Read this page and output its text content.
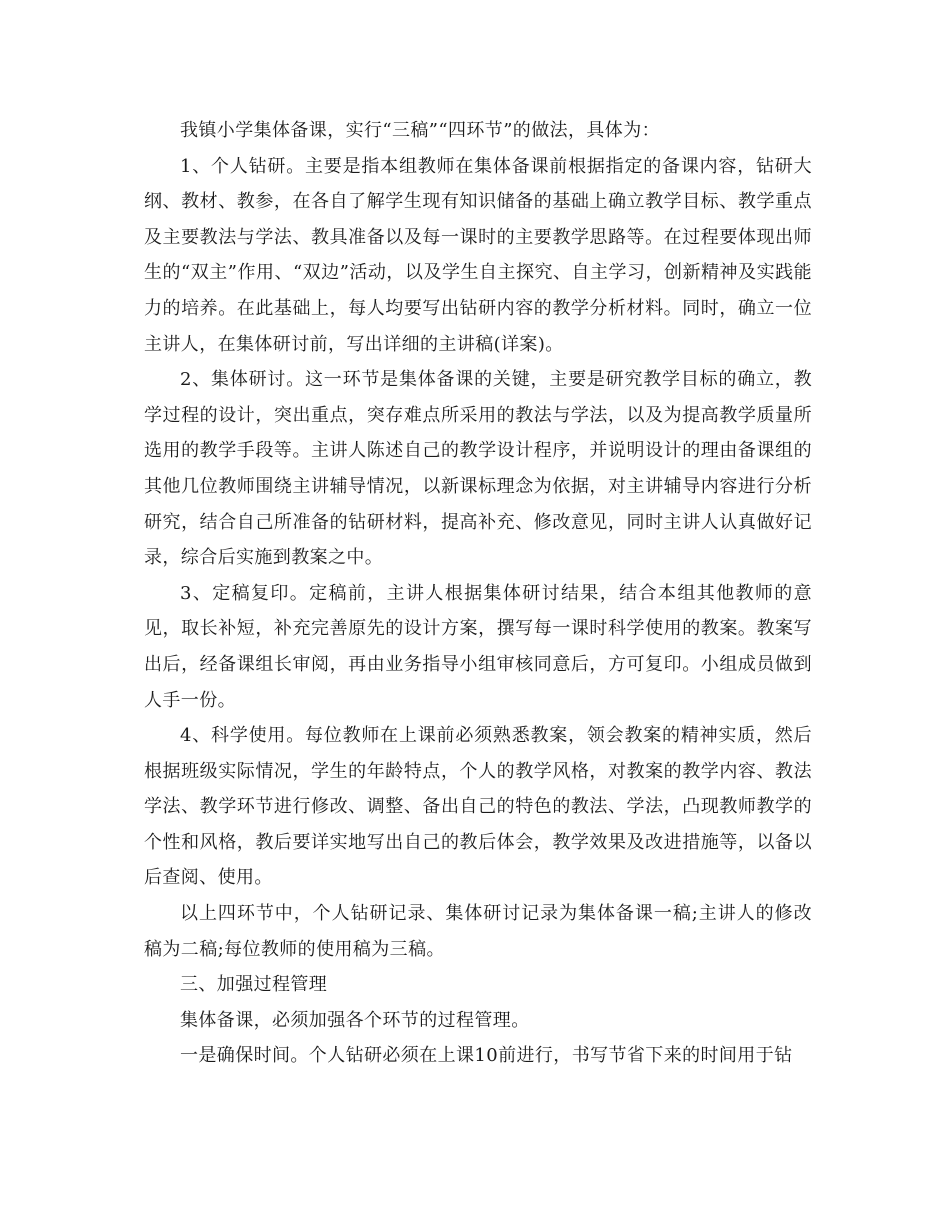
我镇小学集体备课，实行“三稿”“四环节”的做法，具体为：

1、个人钻研。主要是指本组教师在集体备课前根据指定的备课内容，钻研大纲、教材、教参，在各自了解学生现有知识储备的基础上确立教学目标、教学重点及主要教法与学法、教具准备以及每一课时的主要教学思路等。在过程要体现出师生的“双主”作用、“双边”活动，以及学生自主探究、自主学习，创新精神及实践能力的培养。在此基础上，每人均要写出钻研内容的教学分析材料。同时，确立一位主讲人，在集体研讨前，写出详细的主讲稿(详案)。

2、集体研讨。这一环节是集体备课的关键，主要是研究教学目标的确立，教学过程的设计，突出重点，突存难点所采用的教法与学法，以及为提高教学质量所选用的教学手段等。主讲人陈述自己的教学设计程序，并说明设计的理由备课组的其他几位教师围绕主讲辅导情况，以新课标理念为依据，对主讲辅导内容进行分析研究，结合自己所准备的钻研材料，提高补充、修改意见，同时主讲人认真做好记录，综合后实施到教案之中。

3、定稿复印。定稿前，主讲人根据集体研讨结果，结合本组其他教师的意见，取长补短，补充完善原先的设计方案，撰写每一课时科学使用的教案。教案写出后，经备课组长审阅，再由业务指导小组审核同意后，方可复印。小组成员做到人手一份。

4、科学使用。每位教师在上课前必须熟悉教案，领会教案的精神实质，然后根据班级实际情况，学生的年龄特点，个人的教学风格，对教案的教学内容、教法学法、教学环节进行修改、调整、备出自己的特色的教法、学法，凸现教师教学的个性和风格，教后要详实地写出自己的教后体会，教学效果及改进措施等，以备以后查阅、使用。

以上四环节中，个人钻研记录、集体研讨记录为集体备课一稿;主讲人的修改稿为二稿;每位教师的使用稿为三稿。

三、加强过程管理

集体备课，必须加强各个环节的过程管理。

一是确保时间。个人钻研必须在上课10前进行，书写节省下来的时间用于钻
